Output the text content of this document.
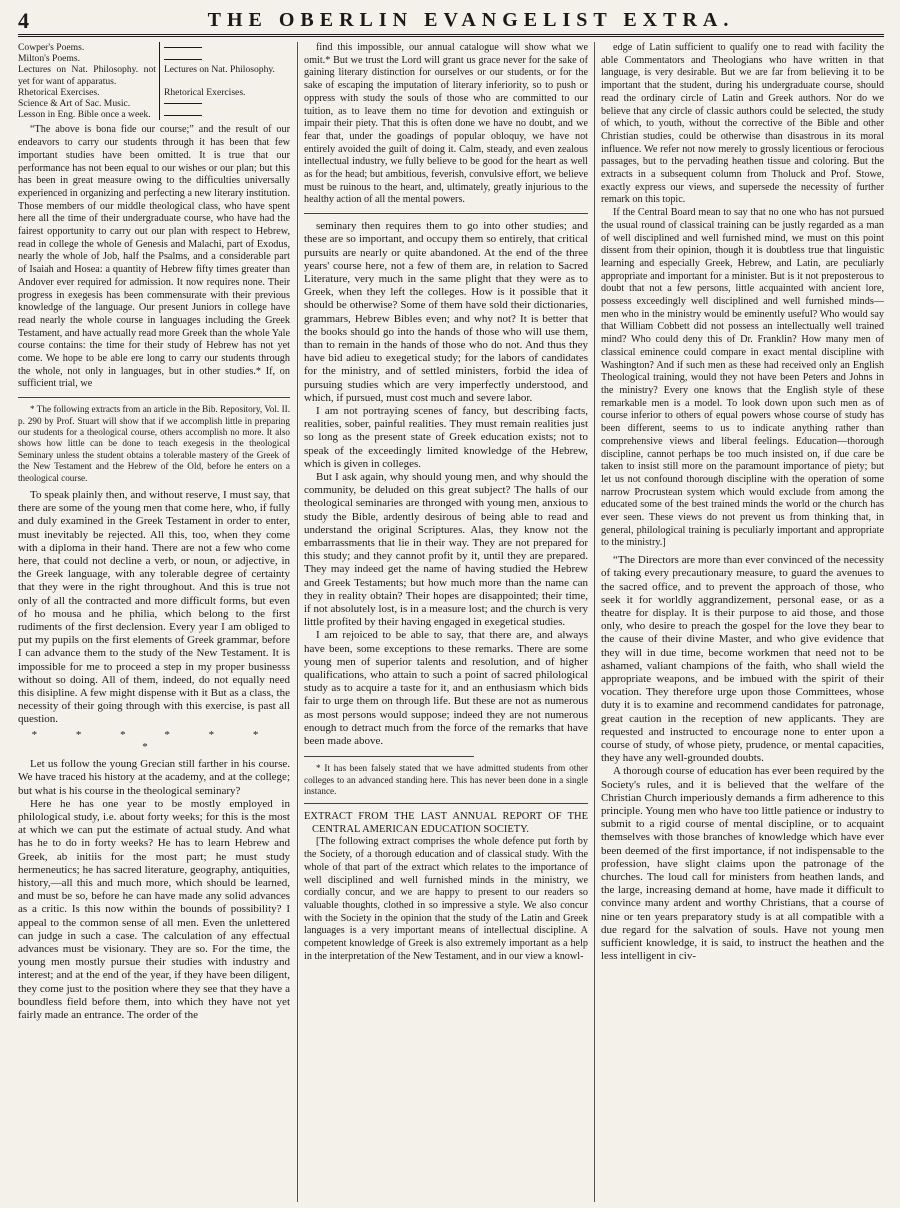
4	THE OBERLIN EVANGELIST EXTRA.
Cowper's Poems.	
Milton's Poems.	
Lectures on Nat. Philosophy. not yet for want of apparatus.	Lectures on Nat. Philosophy.
Rhetorical Exercises.	Rhetorical Exercises.
Science & Art of Sac. Music.	
Lesson in Eng. Bible once a week.	

“The above is bona fide our course;” and the result of our endeavors to carry our students through it has been that few important studies have been omitted. It is true that our performance has not been equal to our wishes or our plan; but this has been in great measure owing to the difficulties universally experienced in organizing and perfecting a new literary institution. Those members of our middle theological class, who have spent here all the time of their undergraduate course, who have had the fairest opportunity to carry out our plan with respect to Hebrew, read in college the whole of Genesis and Malachi, part of Exodus, nearly the whole of Job, half the Psalms, and a considerable part of Isaiah and Hosea: a quantity of Hebrew fifty times greater than Andover ever required for admission. It now requires none. Their progress in exegesis has been commensurate with their previous knowledge of the language. Our present Juniors in college have read nearly the whole course in languages including the Greek Testament, and have actually read more Greek than the whole Yale course contains: the time for their study of Hebrew has not yet come. We hope to be able ere long to carry our students through the whole, not only in languages, but in other studies.* If, on sufficient trial, we

* The following extracts from an article in the Bib. Repository, Vol. II. p. 290 by Prof. Stuart will show that if we accomplish little in preparing our students for a theological course, others accomplish no more. It also shows how little can be done to teach exegesis in the theological Seminary unless the student obtains a tolerable mastery of the Greek of the New Testament and the Hebrew of the Old, before he enters on a theological course.

To speak plainly then, and without reserve, I must say, that there are some of the young men that come here, who, if fully and duly examined in the Greek Testament in order to enter, must inevitably be rejected. All this, too, when they come with a diploma in their hand. There are not a few who come here, that could not decline a verb, or noun, or adjective, in the Greek language, with any tolerable degree of certainty that they were in the right throughout. And this is true not only of all the contracted and more difficult forms, but even of ho mousa and he philia, which belong to the first rudiments of the first declension. Every year I am obliged to put my pupils on the first elements of Greek grammar, before I can advance them to the study of the New Testament. It is impossible for me to proceed a step in my proper businesss without so doing. All of them, indeed, do not equally need this disipline. A few might dispense with it But as a class, the necessity of their going through with this exercise, is past all question.

* * * * * * *

Let us follow the young Grecian still farther in his course. We have traced his history at the academy, and at the college; but what is his course in the theological seminary?

Here he has one year to be mostly employed in philological study, i.e. about forty weeks; for this is the most at which we can put the estimate of actual study. And what has he to do in forty weeks? He has to learn Hebrew and Greek, ab initiis for the most part; he must study hermeneutics; he has sacred literature, geography, antiquities, history,—all this and much more, which should be learned, and must be so, before he can have made any solid advances as a critic. Is this now within the bounds of possibility? I appeal to the common sense of all men. Even the unlettered can judge in such a case. The calculation of any effectual advances must be visionary. They are so. For the time, the young men mostly pursue their studies with industry and interest; and at the end of the year, if they have been diligent, they come just to the position where they see that they have a boundless field before them, into which they have not yet fairly made an entrance. The order of the

find this impossible, our annual catalogue will show what we omit.* But we trust the Lord will grant us grace never for the sake of gaining literary distinction for ourselves or our students, or for the sake of escaping the imputation of literary inferiority, so to push or oppress with study the souls of those who are committed to our tuition, as to leave them no time for devotion and extinguish or impair their piety. That this is often done we have no doubt, and we fear that, under the goadings of popular obloquy, we have not entirely avoided the guilt of doing it. Calm, steady, and even zealous intellectual industry, we fully believe to be good for the heart as well as for the head; but ambitious, feverish, convulsive effort, we believe must be ruinous to the heart, and, ultimately, greatly injurious to the healthy action of all the mental powers.

seminary then requires them to go into other studies; and these are so important, and occupy them so entirely, that critical pursuits are nearly or quite abandoned. At the end of the three years' course here, not a few of them are, in relation to Sacred Literature, very much in the same plight that they were as to Greek, when they left the colleges. How is it possible that it should be otherwise? Some of them have sold their dictionaries, grammars, Hebrew Bibles even; and why not? It is better that the books should go into the hands of those who will use them, than to remain in the hands of those who do not. And thus they have bid adieu to exegetical study; for the labors of candidates for the ministry, and of settled ministers, forbid the idea of pursuing studies which are very imperfectly understood, and which, if pursued, must cost much and severe labor.

I am not portraying scenes of fancy, but describing facts, realities, sober, painful realities. They must remain realities just so long as the present state of Greek education exists; not to speak of the exceedingly limited knowledge of the Hebrew, which is given in colleges.

But I ask again, why should young men, and why should the community, be deluded on this great subject? The halls of our theological seminaries are thronged with young men, anxious to study the Bible, ardently desirous of being able to read and understand the original Scriptures. Alas, they know not the embarrassments that lie in their way. They are not prepared for this study; and they cannot profit by it, until they are prepared. They may indeed get the name of having studied the Hebrew and Greek Testaments; but how much more than the name can they in reality obtain? Their hopes are disappointed; their time, if not absolutely lost, is in a measure lost; and the church is very little profited by their having engaged in exegetical studies.

I am rejoiced to be able to say, that there are, and always have been, some exceptions to these remarks. There are some young men of superior talents and resolution, and of higher qualifications, who attain to such a point of sacred philological study as to acquire a taste for it, and an enthusiasm which bids fair to urge them on through life. But these are not as numerous as most persons would suppose; indeed they are not numerous enough to detract much from the force of the remarks that have been made above.

* It has been falsely stated that we have admitted students from other colleges to an advanced standing here. This has never been done in a single instance.

EXTRACT FROM THE LAST ANNUAL REPORT OF THE CENTRAL AMERICAN EDUCATION SOCIETY.

[The following extract comprises the whole defence put forth by the Society, of a thorough education and of classical study. With the whole of that part of the extract which relates to the importance of well disciplined and well furnished minds in the ministry, we cordially concur, and we are happy to present to our readers so valuable thoughts, clothed in so impressive a style. We also concur with the Society in the opinion that the study of the Latin and Greek languages is a very important means of intellectual discipline. A competent knowledge of Greek is also extremely important as a help in the interpretation of the New Testament, and in our view a knowl-

edge of Latin sufficient to qualify one to read with facility the able Commentators and Theologians who have written in that language, is very desirable. But we are far from believing it to be important that the student, during his undergraduate course, should read the ordinary circle of Latin and Greek authors. Nor do we believe that any circle of classic authors could be selected, the study of which, to youth, without the corrective of the Bible and other Christian studies, could be otherwise than disastrous in its moral influence. We refer not now merely to grossly licentious or ferocious passages, but to the pervading heathen tissue and coloring. But the extracts in a subsequent column from Tholuck and Prof. Stowe, exactly express our views, and supersede the necessity of further remark on this topic.

If the Central Board mean to say that no one who has not pursued the usual round of classical training can be justly regarded as a man of well disciplined and well furnished mind, we must on this point dissent from their opinion, though it is doubtless true that linguistic learning and especially Greek, Hebrew, and Latin, are peculiarly appropriate and important for a minister. But is it not preposterous to doubt that not a few persons, little acquainted with ancient lore, possess exceedingly well disciplined and well furnished minds—men who in the ministry would be eminently useful? Who would say that William Cobbett did not possess an intellectually well trained mind? Who could deny this of Dr. Franklin? How many men of classical eminence could compare in exact mental discipline with Washington? And if such men as these had received only an English Theological training, would they not have been Peters and Johns in the ministry? Every one knows that the English style of these remarkable men is a model. To look down upon such men as of course inferior to others of equal powers whose course of study has been different, seems to us to indicate anything rather than comprehensive views and liberal feelings. Education—thorough discipline, cannot perhaps be too much insisted on, if due care be taken to insist still more on the paramount importance of piety; but let us not confound thorough discipline with the operation of some narrow Procrustean system which would exclude from among the educated some of the best trained minds the world or the church has ever seen. These views do not prevent us from thinking that, in general, philological training is peculiarly important and appropriate to the ministry.]

“The Directors are more than ever convinced of the necessity of taking every precautionary measure, to guard the avenues to the sacred office, and to prevent the approach of those, who seek it for worldly aggrandizement, personal ease, or as a theatre for display. It is their purpose to aid those, and those only, who desire to preach the gospel for the love they bear to the cause of their divine Master, and who give evidence that they will in due time, become workmen that need not to be ashamed, valiant champions of the faith, who shall wield the appropriate weapons, and be imbued with the spirit of their vocation. They therefore urge upon those Committees, whose duty it is to examine and recommend candidates for patronage, great caution in the reception of new applicants. They are requested and instructed to encourage none to enter upon a course of study, of whose piety, prudence, or mental capacities, they have any well-grounded doubts.

A thorough course of education has ever been required by the Society's rules, and it is believed that the welfare of the Christian Church imperiously demands a firm adherence to this principle. Young men who have too little patience or industry to submit to a rigid course of mental discipline, or to acquaint themselves with those branches of knowledge which have ever been deemed of the first importance, if not indispensable to the profession, have slight claims upon the patronage of the churches. The loud call for ministers from heathen lands, and the large, increasing demand at home, have made it difficult to convince many ardent and worthy Christians, that a course of nine or ten years preparatory study is at all compatible with a due regard for the salvation of souls. Have not young men sufficient knowledge, it is said, to instruct the heathen and the less intelligent in civ-
